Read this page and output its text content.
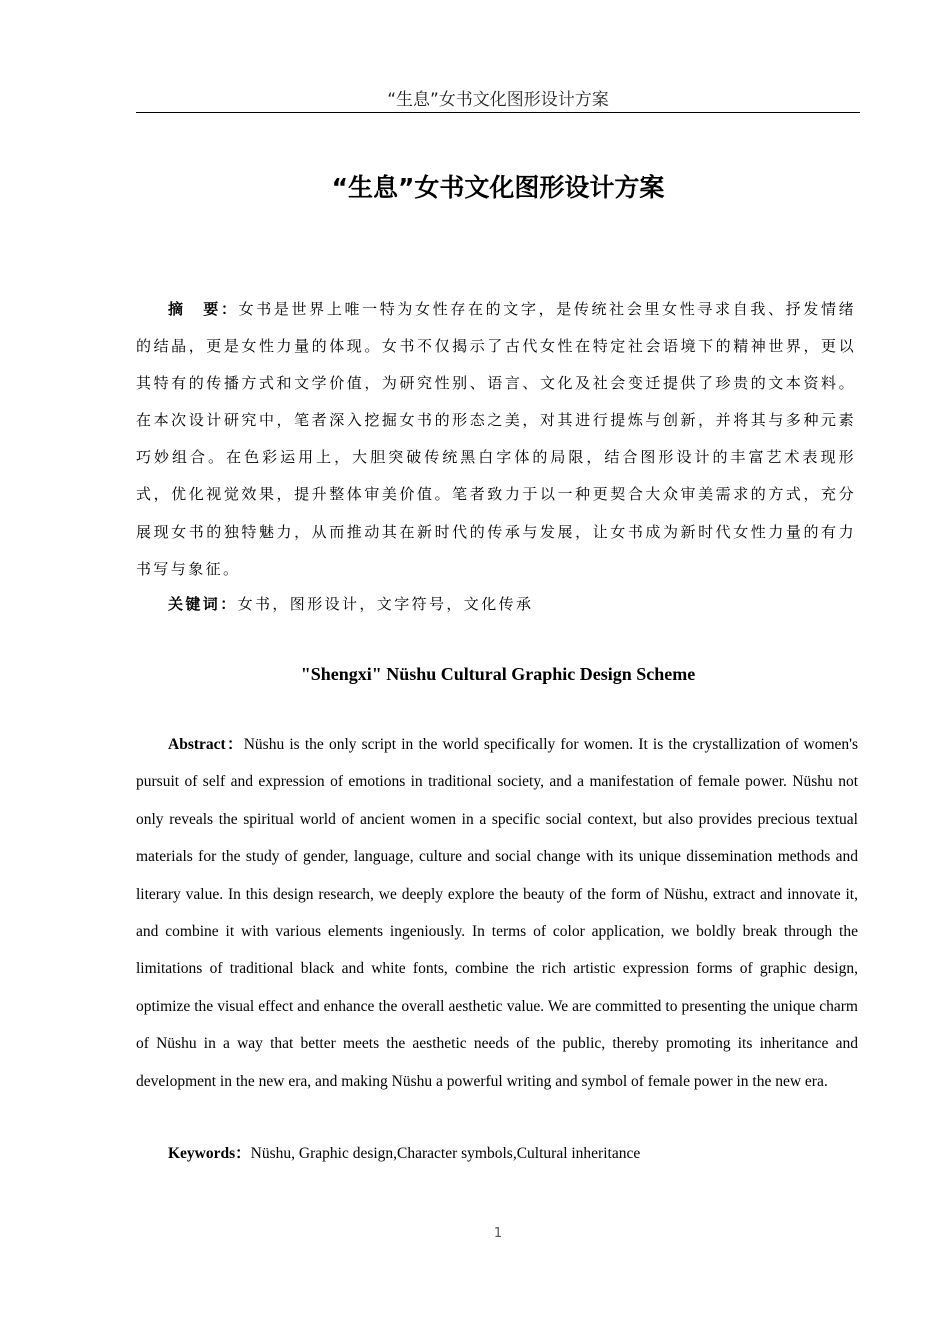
“生息”女书文化图形设计方案
“生息”女书文化图形设计方案

摘　要：女书是世界上唯一特为女性存在的文字，是传统社会里女性寻求自我、抒发情绪的结晶，更是女性力量的体现。女书不仅揭示了古代女性在特定社会语境下的精神世界，更以其特有的传播方式和文学价值，为研究性别、语言、文化及社会变迁提供了珍贵的文本资料。在本次设计研究中，笔者深入挖掘女书的形态之美，对其进行提炼与创新，并将其与多种元素巧妙组合。在色彩运用上，大胆突破传统黑白字体的局限，结合图形设计的丰富艺术表现形式，优化视觉效果，提升整体审美价值。笔者致力于以一种更契合大众审美需求的方式，充分展现女书的独特魅力，从而推动其在新时代的传承与发展，让女书成为新时代女性力量的有力书写与象征。

关键词：女书，图形设计，文字符号，文化传承

"Shengxi" Nüshu Cultural Graphic Design Scheme

Abstract：Nüshu is the only script in the world specifically for women. It is the crystallization of women's pursuit of self and expression of emotions in traditional society, and a manifestation of female power. Nüshu not only reveals the spiritual world of ancient women in a specific social context, but also provides precious textual materials for the study of gender, language, culture and social change with its unique dissemination methods and literary value. In this design research, we deeply explore the beauty of the form of Nüshu, extract and innovate it, and combine it with various elements ingeniously. In terms of color application, we boldly break through the limitations of traditional black and white fonts, combine the rich artistic expression forms of graphic design, optimize the visual effect and enhance the overall aesthetic value. We are committed to presenting the unique charm of Nüshu in a way that better meets the aesthetic needs of the public, thereby promoting its inheritance and development in the new era, and making Nüshu a powerful writing and symbol of female power in the new era.

Keywords：Nüshu, Graphic design,Character symbols,Cultural inheritance

1
